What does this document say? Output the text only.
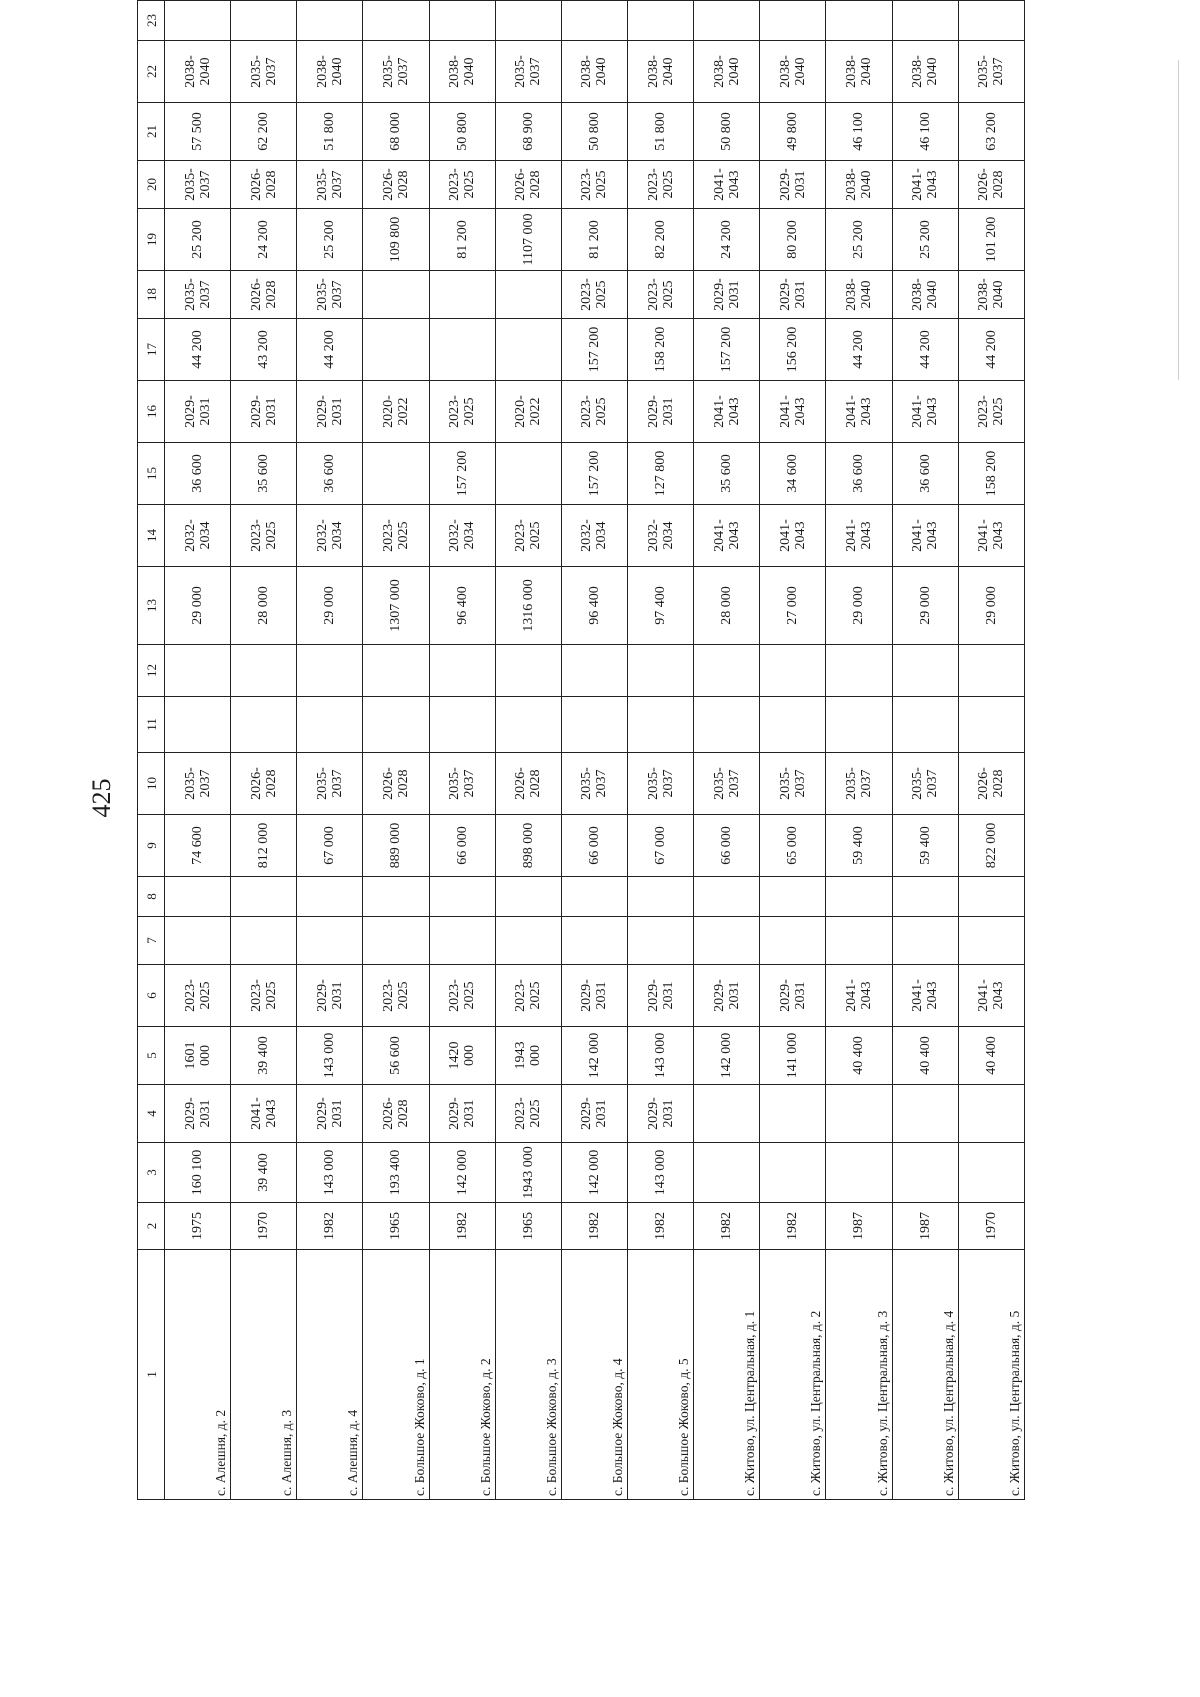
425
1	2	3	4	5	6	7	8	9	10	11	12	13	14	15	16	17	18	19	20	21	22	23	
с. Алешня, д. 2	1975	160 100	2029-2031	1601 000	2023-2025			74 600	2035-2037			29 000	2032-2034	36 600	2029-2031	44 200	2035-2037	25 200	2035-2037	57 500	2038-2040		
с. Алешня, д. 3	1970	39 400	2041-2043	39 400	2023-2025			812 000	2026-2028			28 000	2023-2025	35 600	2029-2031	43 200	2026-2028	24 200	2026-2028	62 200	2035-2037		
с. Алешня, д. 4	1982	143 000	2029-2031	143 000	2029-2031			67 000	2035-2037			29 000	2032-2034	36 600	2029-2031	44 200	2035-2037	25 200	2035-2037	51 800	2038-2040		
с. Большое Жоково, д. 1	1965	193 400	2026-2028	56 600	2023-2025			889 000	2026-2028			1307 000	2023-2025		2020-2022			109 800	2026-2028	68 000	2035-2037		
с. Большое Жоково, д. 2	1982	142 000	2029-2031	1420 000	2023-2025			66 000	2035-2037			96 400	2032-2034	157 200	2023-2025			81 200	2023-2025	50 800	2038-2040		
с. Большое Жоково, д. 3	1965	1943 000	2023-2025	1943 000	2023-2025			898 000	2026-2028			1316 000	2023-2025		2020-2022			1107 000	2026-2028	68 900	2035-2037		
с. Большое Жоково, д. 4	1982	142 000	2029-2031	142 000	2029-2031			66 000	2035-2037			96 400	2032-2034	157 200	2023-2025	157 200	2023-2025	81 200	2023-2025	50 800	2038-2040		
с. Большое Жоково, д. 5	1982	143 000	2029-2031	143 000	2029-2031			67 000	2035-2037			97 400	2032-2034	127 800	2029-2031	158 200	2023-2025	82 200	2023-2025	51 800	2038-2040		
с. Житово, ул. Центральная, д. 1	1982			142 000	2029-2031			66 000	2035-2037			28 000	2041-2043	35 600	2041-2043	157 200	2029-2031	24 200	2041-2043	50 800	2038-2040		
с. Житово, ул. Центральная, д. 2	1982			141 000	2029-2031			65 000	2035-2037			27 000	2041-2043	34 600	2041-2043	156 200	2029-2031	80 200	2029-2031	49 800	2038-2040		
с. Житово, ул. Центральная, д. 3	1987			40 400	2041-2043			59 400	2035-2037			29 000	2041-2043	36 600	2041-2043	44 200	2038-2040	25 200	2038-2040	46 100	2038-2040		
с. Житово, ул. Центральная, д. 4	1987			40 400	2041-2043			59 400	2035-2037			29 000	2041-2043	36 600	2041-2043	44 200	2038-2040	25 200	2041-2043	46 100	2038-2040		
с. Житово, ул. Центральная, д. 5	1970			40 400	2041-2043			822 000	2026-2028			29 000	2041-2043	158 200	2023-2025	44 200	2038-2040	101 200	2026-2028	63 200	2035-2037		
